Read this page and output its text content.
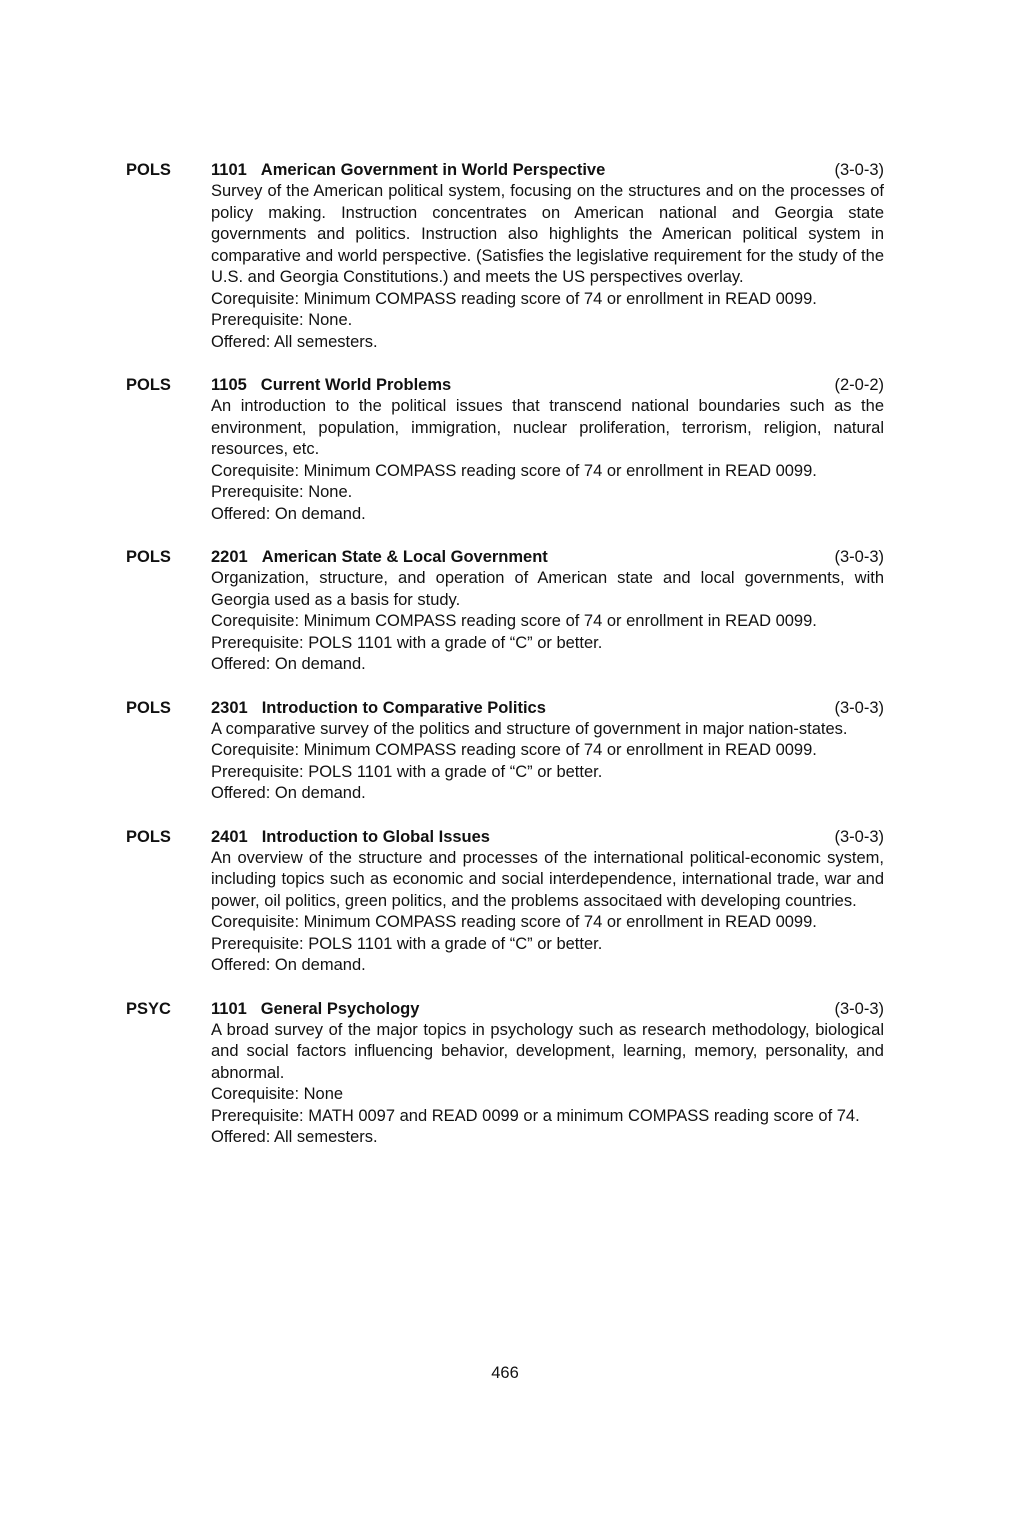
POLS 1101 American Government in World Perspective	(3-0-3)
Survey of the American political system, focusing on the structures and on the processes of policy making. Instruction concentrates on American national and Georgia state governments and politics. Instruction also highlights the American political system in comparative and world perspective. (Satisfies the legislative requirement for the study of the U.S. and Georgia Constitutions.) and meets the US perspectives overlay.
Corequisite: Minimum COMPASS reading score of 74 or enrollment in READ 0099.
Prerequisite: None.
Offered: All semesters.
POLS 1105 Current World Problems	(2-0-2)
An introduction to the political issues that transcend national boundaries such as the environment, population, immigration, nuclear proliferation, terrorism, religion, natural resources, etc.
Corequisite: Minimum COMPASS reading score of 74 or enrollment in READ 0099.
Prerequisite: None.
Offered: On demand.
POLS 2201 American State & Local Government	(3-0-3)
Organization, structure, and operation of American state and local governments, with Georgia used as a basis for study.
Corequisite: Minimum COMPASS reading score of 74 or enrollment in READ 0099.
Prerequisite: POLS 1101 with a grade of “C” or better.
Offered: On demand.
POLS 2301 Introduction to Comparative Politics	(3-0-3)
A comparative survey of the politics and structure of government in major nation-states.
Corequisite: Minimum COMPASS reading score of 74 or enrollment in READ 0099.
Prerequisite: POLS 1101 with a grade of “C” or better.
Offered: On demand.
POLS 2401 Introduction to Global Issues	(3-0-3)
An overview of the structure and processes of the international political-economic system, including topics such as economic and social interdependence, international trade, war and power, oil politics, green politics, and the problems associtaed with developing countries.
Corequisite: Minimum COMPASS reading score of 74 or enrollment in READ 0099.
Prerequisite: POLS 1101 with a grade of “C” or better.
Offered: On demand.
PSYC 1101 General Psychology	(3-0-3)
A broad survey of the major topics in psychology such as research methodology, biological and social factors influencing behavior, development, learning, memory, personality, and abnormal.
Corequisite: None
Prerequisite: MATH 0097 and READ 0099 or a minimum COMPASS reading score of 74.
Offered: All semesters.
466
